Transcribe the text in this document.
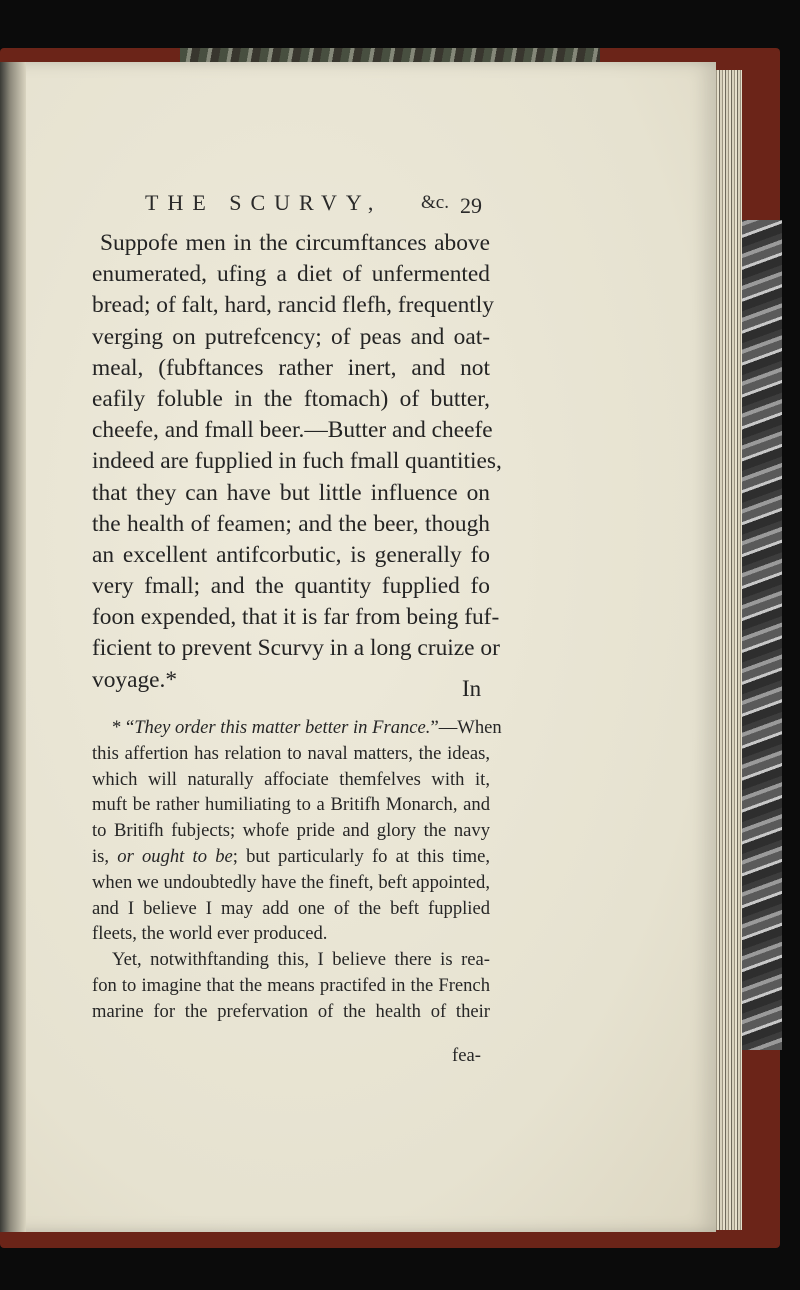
THE SCURVY, &c. 29
Suppofe men in the circumftances above
enumerated, ufing a diet of unfermented
bread; of falt, hard, rancid flefh, frequently
verging on putrefcency; of peas and oat-
meal, (fubftances rather inert, and not
eafily foluble in the ftomach) of butter,
cheefe, and fmall beer.—Butter and cheefe
indeed are fupplied in fuch fmall quantities,
that they can have but little influence on
the health of feamen; and the beer, though
an excellent antifcorbutic, is generally fo
very fmall; and the quantity fupplied fo
foon expended, that it is far from being fuf-
ficient to prevent Scurvy in a long cruize or
voyage.*	In
* “They order this matter better in France.”—When
this affertion has relation to naval matters, the ideas,
which will naturally affociate themfelves with it,
muft be rather humiliating to a Britifh Monarch, and
to Britifh fubjects; whofe pride and glory the navy
is, or ought to be; but particularly fo at this time,
when we undoubtedly have the fineft, beft appointed,
and I believe I may add one of the beft fupplied
fleets, the world ever produced.
Yet, notwithftanding this, I believe there is rea-
fon to imagine that the means practifed in the French
marine for the prefervation of the health of their
fea-
